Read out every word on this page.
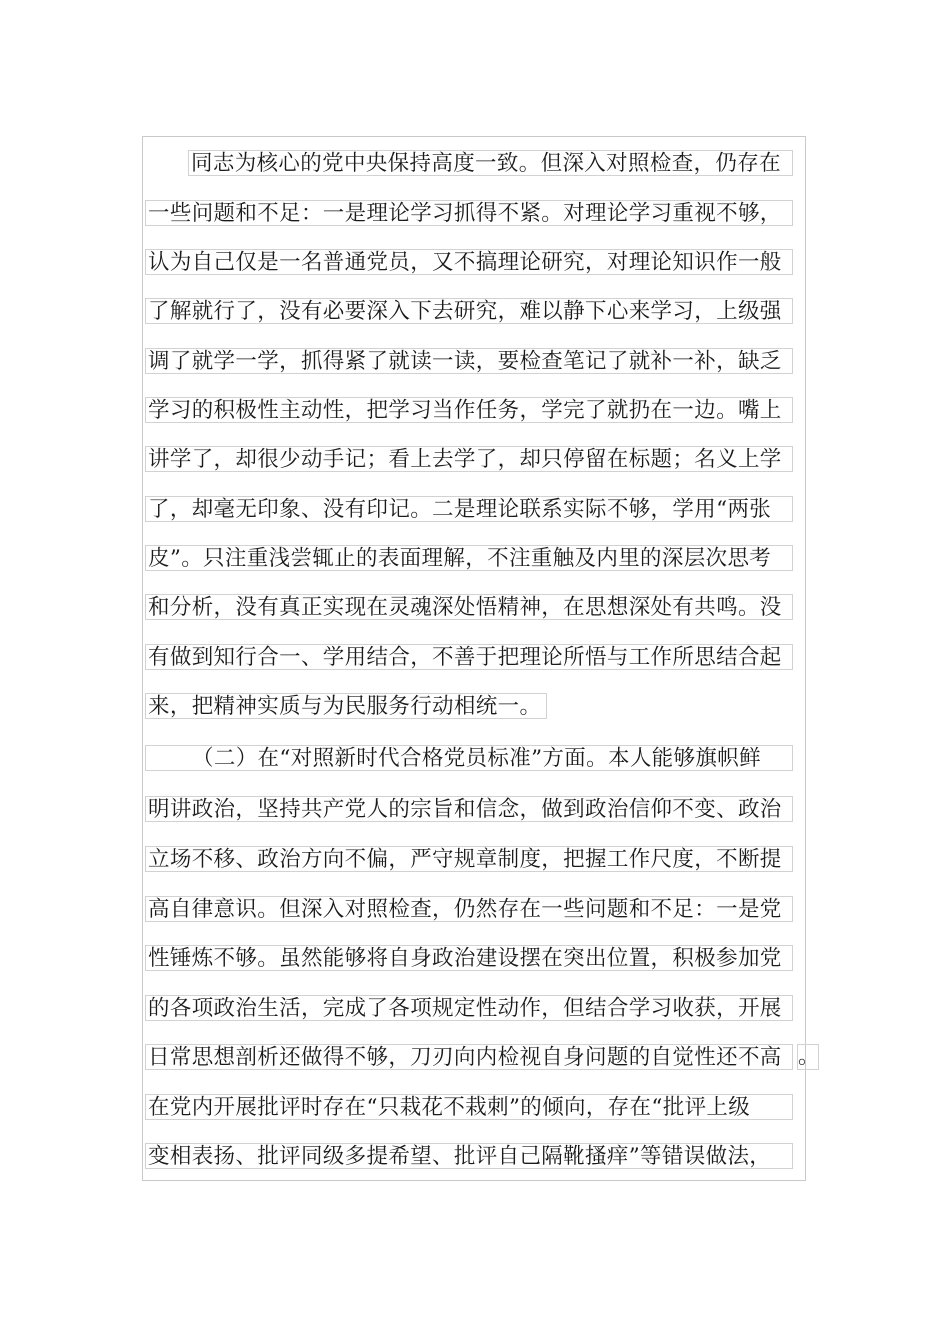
同志为核心的党中央保持高度一致。但深入对照检查，仍存在
一些问题和不足：一是理论学习抓得不紧。对理论学习重视不够，
认为自己仅是一名普通党员，又不搞理论研究，对理论知识作一般
了解就行了，没有必要深入下去研究，难以静下心来学习，上级强
调了就学一学，抓得紧了就读一读，要检查笔记了就补一补，缺乏
学习的积极性主动性，把学习当作任务，学完了就扔在一边。嘴上
讲学了，却很少动手记；看上去学了，却只停留在标题；名义上学
了，却毫无印象、没有印记。二是理论联系实际不够，学用“两张
皮”。只注重浅尝辄止的表面理解，不注重触及内里的深层次思考
和分析，没有真正实现在灵魂深处悟精神，在思想深处有共鸣。没
有做到知行合一、学用结合，不善于把理论所悟与工作所思结合起
来，把精神实质与为民服务行动相统一。
（二）在“对照新时代合格党员标准”方面。本人能够旗帜鲜
明讲政治，坚持共产党人的宗旨和信念，做到政治信仰不变、政治
立场不移、政治方向不偏，严守规章制度，把握工作尺度，不断提
高自律意识。但深入对照检查，仍然存在一些问题和不足：一是党
性锤炼不够。虽然能够将自身政治建设摆在突出位置，积极参加党
的各项政治生活，完成了各项规定性动作，但结合学习收获，开展
日常思想剖析还做得不够，刀刃向内检视自身问题的自觉性还不高 。
在党内开展批评时存在“只栽花不栽刺”的倾向，存在“批评上级
变相表扬、批评同级多提希望、批评自己隔靴搔痒”等错误做法，
